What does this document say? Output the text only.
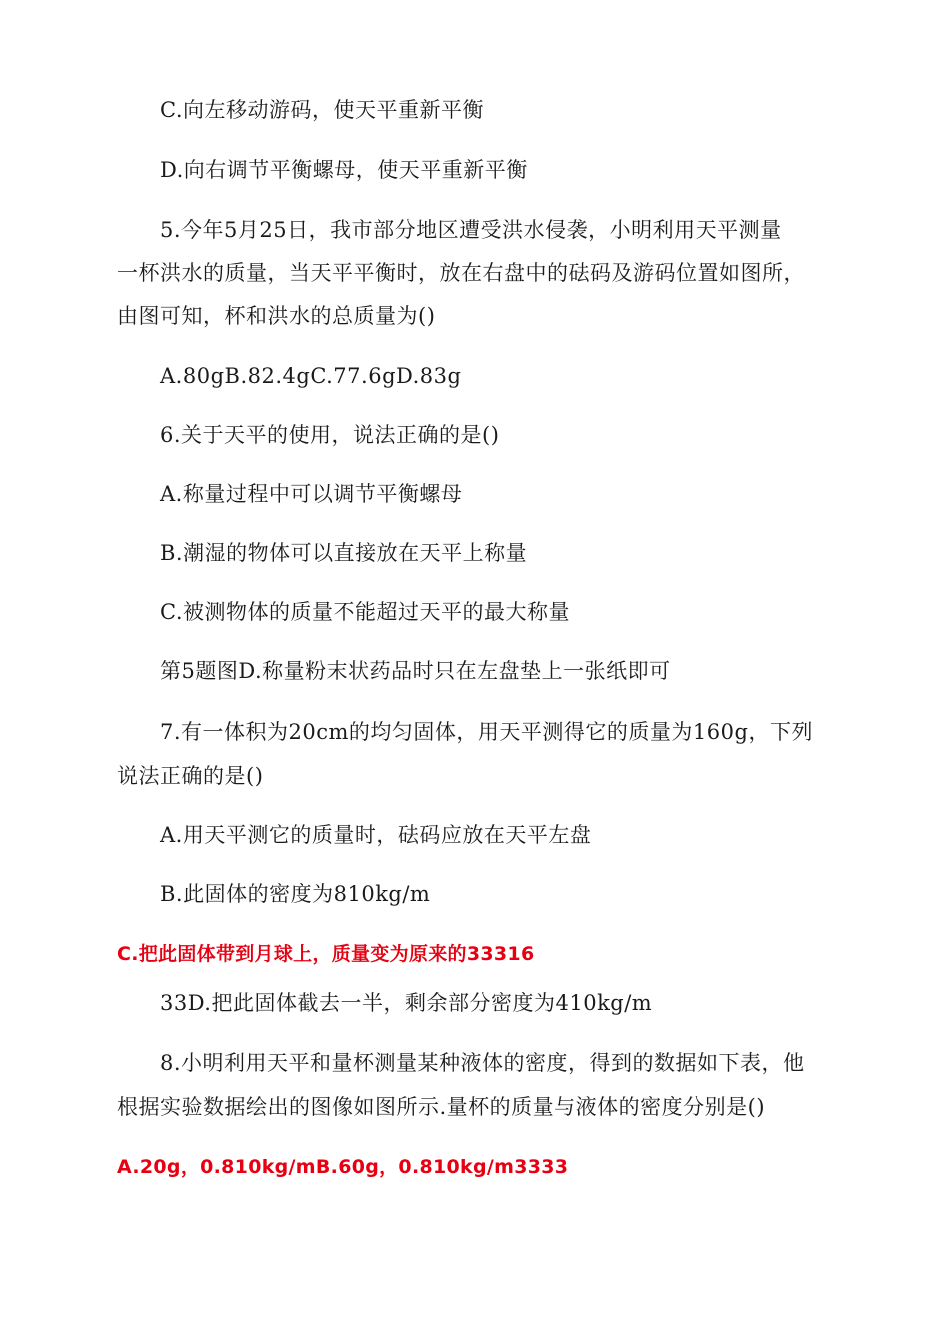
C.向左移动游码，使天平重新平衡
D.向右调节平衡螺母，使天平重新平衡
5.今年5月25日，我市部分地区遭受洪水侵袭，小明利用天平测量
一杯洪水的质量，当天平平衡时，放在右盘中的砝码及游码位置如图所，
由图可知，杯和洪水的总质量为()
A.80gB.82.4gC.77.6gD.83g
6.关于天平的使用，说法正确的是()
A.称量过程中可以调节平衡螺母
B.潮湿的物体可以直接放在天平上称量
C.被测物体的质量不能超过天平的最大称量
第5题图D.称量粉末状药品时只在左盘垫上一张纸即可
7.有一体积为20cm的均匀固体，用天平测得它的质量为160g，下列
说法正确的是()
A.用天平测它的质量时，砝码应放在天平左盘
B.此固体的密度为810kg/m
C.把此固体带到月球上，质量变为原来的33316
33D.把此固体截去一半，剩余部分密度为410kg/m
8.小明利用天平和量杯测量某种液体的密度，得到的数据如下表，他
根据实验数据绘出的图像如图所示.量杯的质量与液体的密度分别是()
A.20g，0.810kg/mB.60g，0.810kg/m3333
